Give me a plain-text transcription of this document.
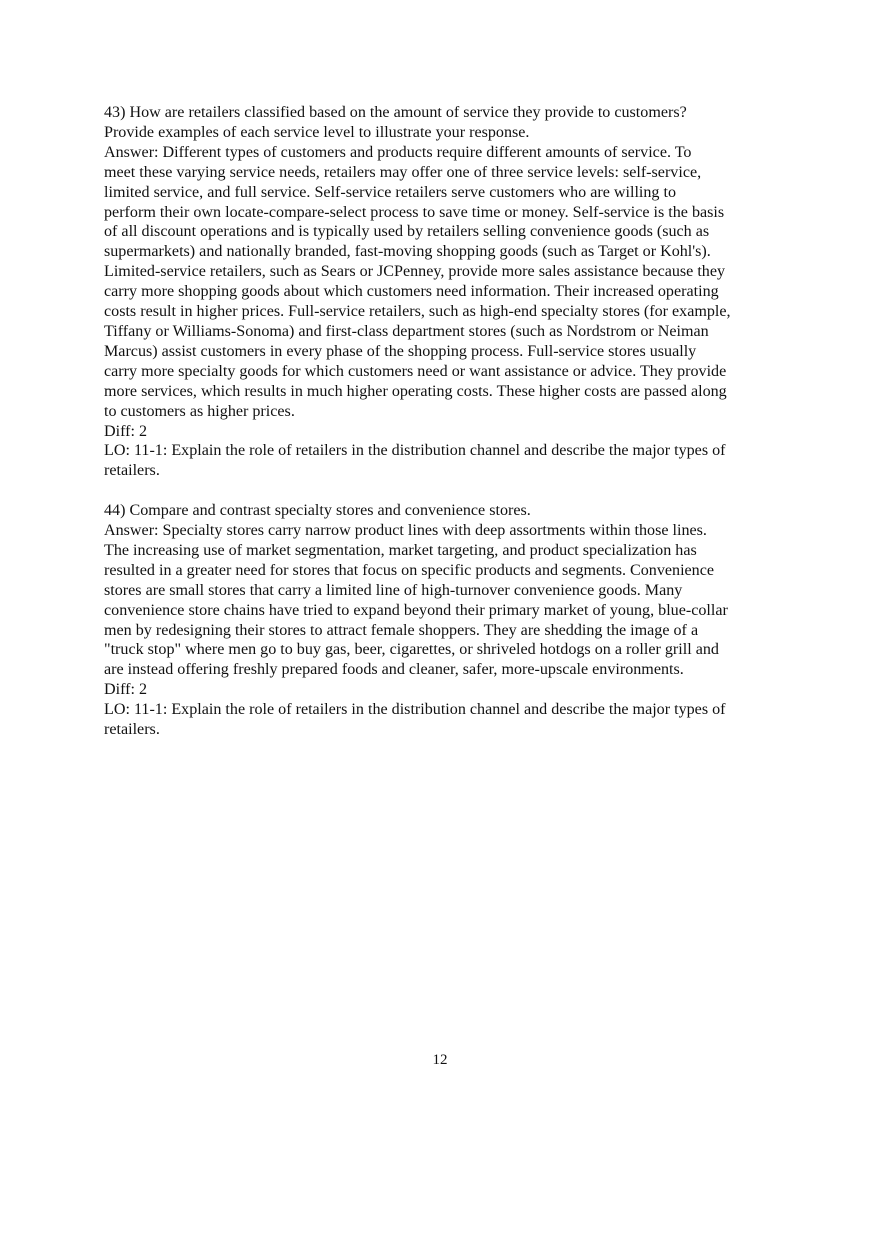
43) How are retailers classified based on the amount of service they provide to customers?
Provide examples of each service level to illustrate your response.
Answer: Different types of customers and products require different amounts of service. To
meet these varying service needs, retailers may offer one of three service levels: self-service,
limited service, and full service. Self-service retailers serve customers who are willing to
perform their own locate-compare-select process to save time or money. Self-service is the basis
of all discount operations and is typically used by retailers selling convenience goods (such as
supermarkets) and nationally branded, fast-moving shopping goods (such as Target or Kohl's).
Limited-service retailers, such as Sears or JCPenney, provide more sales assistance because they
carry more shopping goods about which customers need information. Their increased operating
costs result in higher prices. Full-service retailers, such as high-end specialty stores (for example,
Tiffany or Williams-Sonoma) and first-class department stores (such as Nordstrom or Neiman
Marcus) assist customers in every phase of the shopping process. Full-service stores usually
carry more specialty goods for which customers need or want assistance or advice. They provide
more services, which results in much higher operating costs. These higher costs are passed along
to customers as higher prices.
Diff: 2
LO: 11-1: Explain the role of retailers in the distribution channel and describe the major types of
retailers.
44) Compare and contrast specialty stores and convenience stores.
Answer: Specialty stores carry narrow product lines with deep assortments within those lines.
The increasing use of market segmentation, market targeting, and product specialization has
resulted in a greater need for stores that focus on specific products and segments. Convenience
stores are small stores that carry a limited line of high-turnover convenience goods. Many
convenience store chains have tried to expand beyond their primary market of young, blue-collar
men by redesigning their stores to attract female shoppers. They are shedding the image of a
"truck stop" where men go to buy gas, beer, cigarettes, or shriveled hotdogs on a roller grill and
are instead offering freshly prepared foods and cleaner, safer, more-upscale environments.
Diff: 2
LO: 11-1: Explain the role of retailers in the distribution channel and describe the major types of
retailers.
12
